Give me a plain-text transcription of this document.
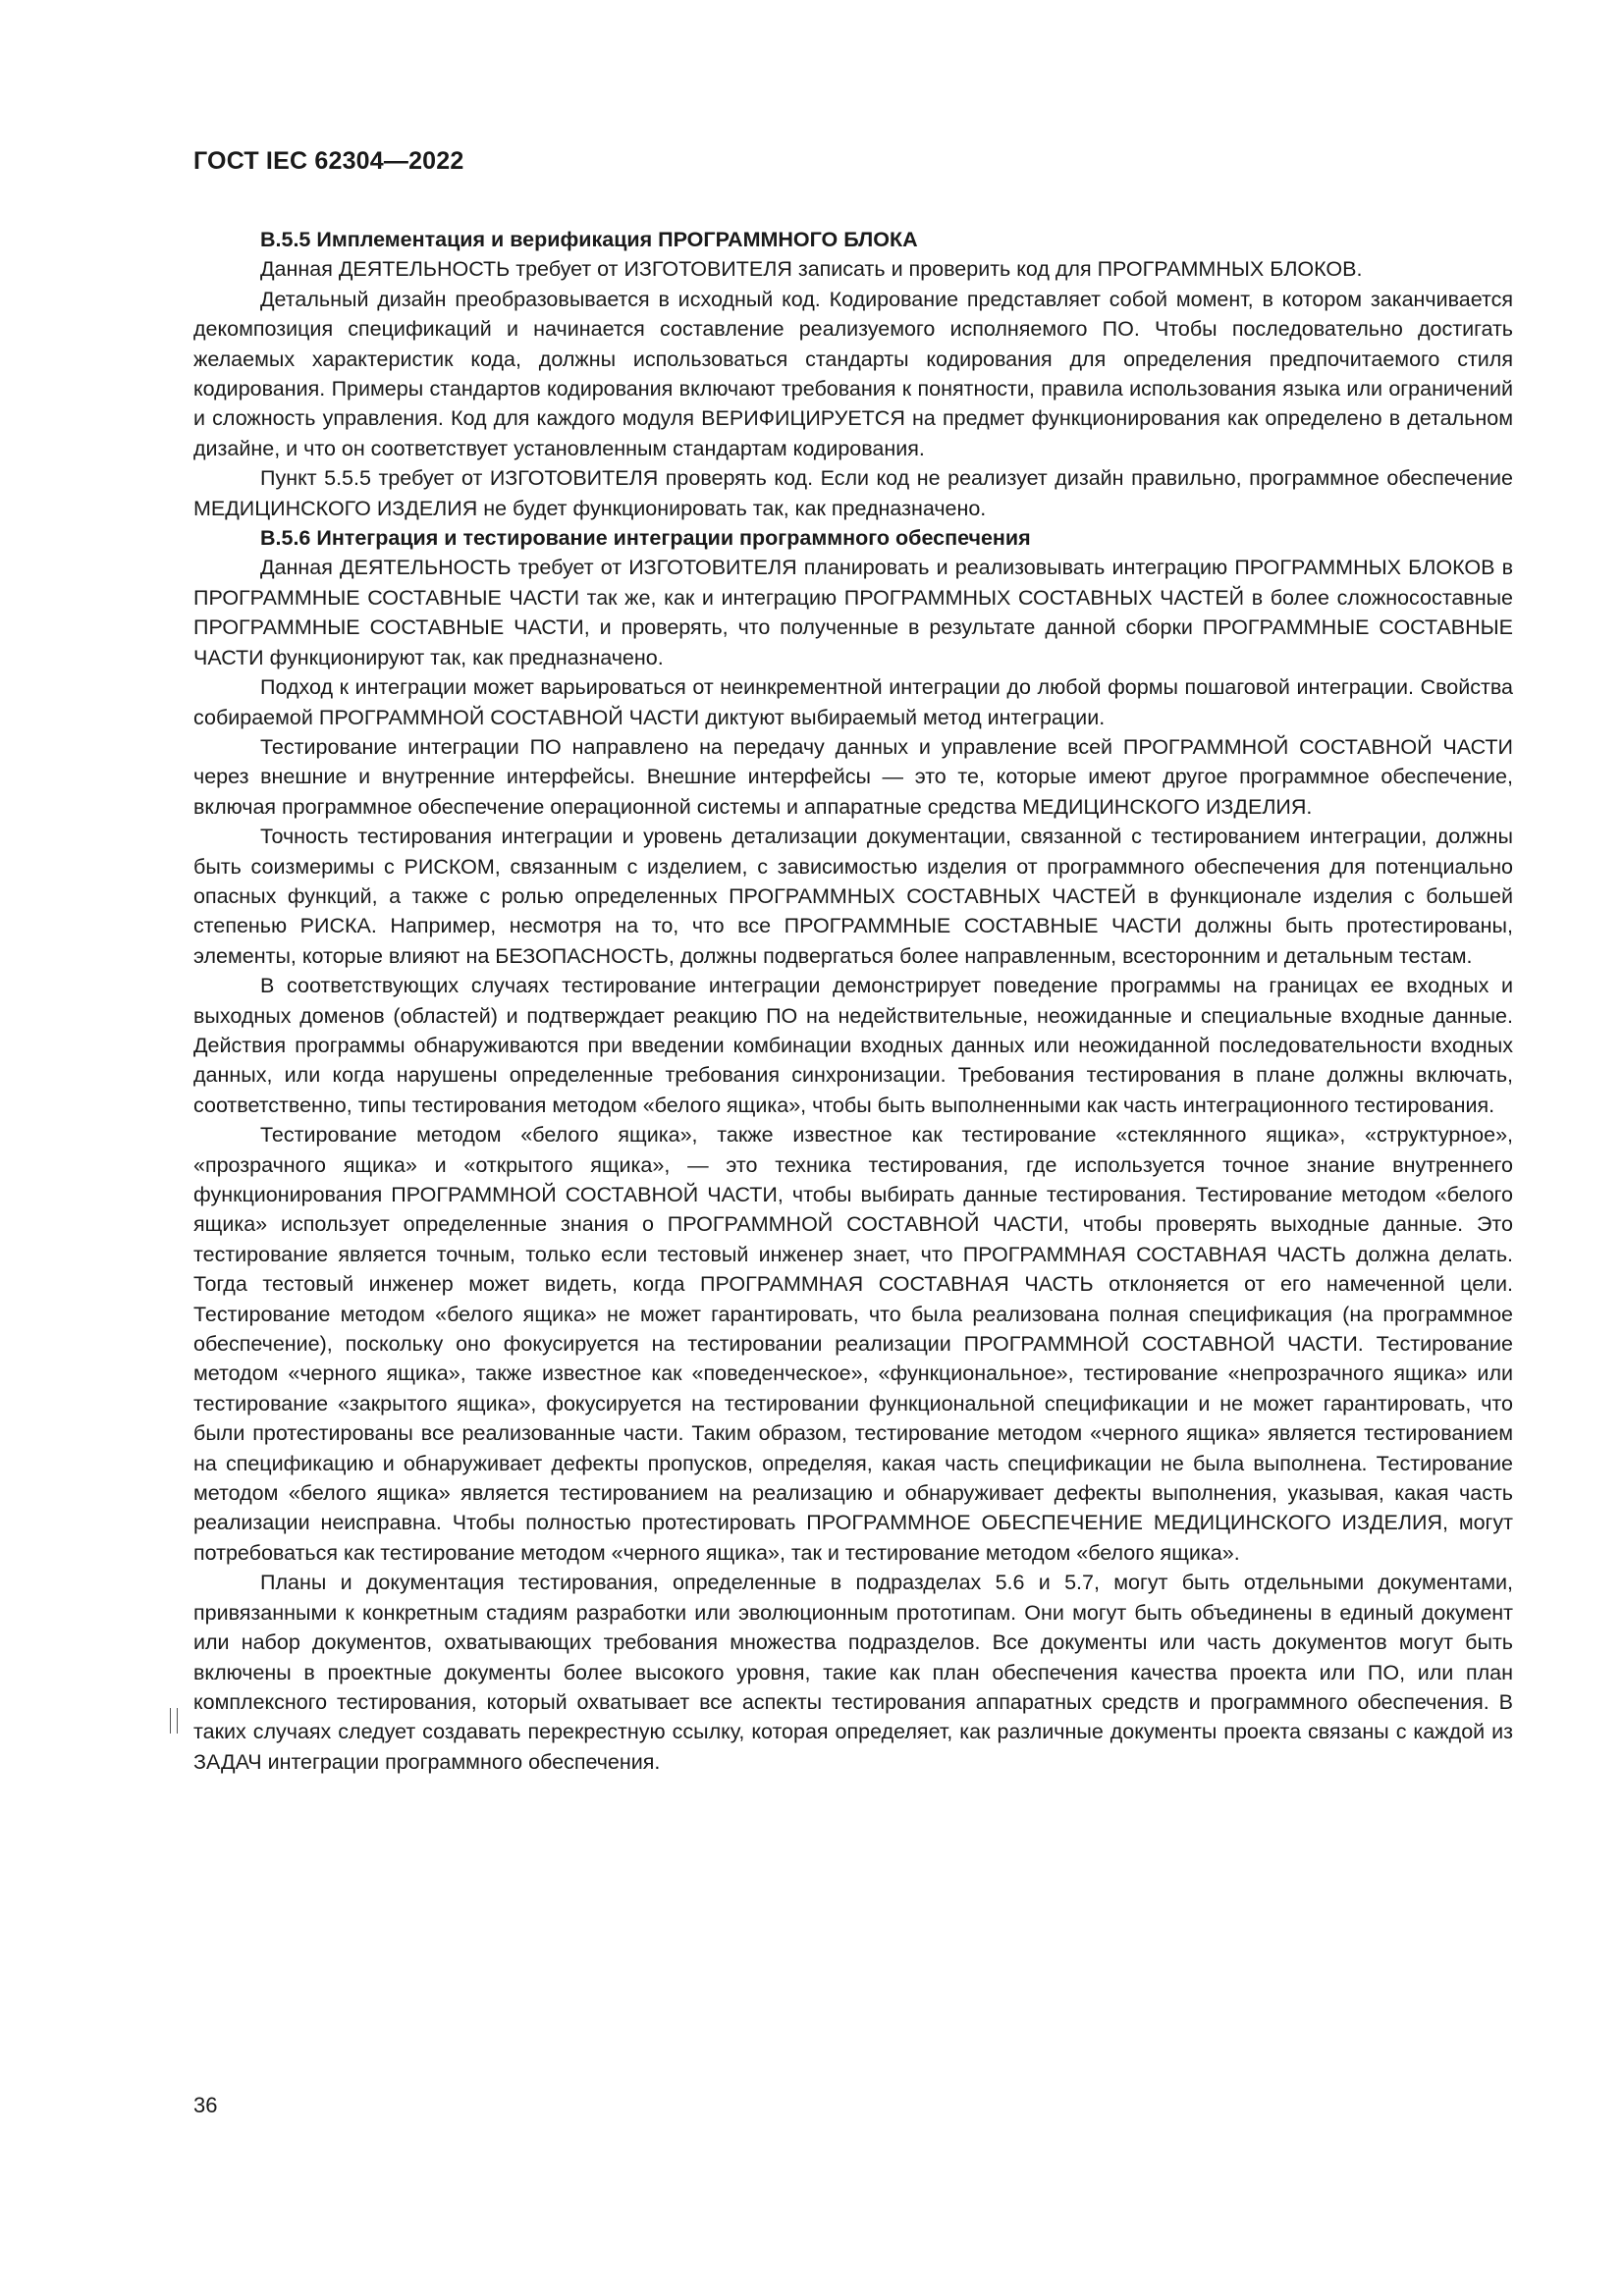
ГОСТ IEC 62304—2022

B.5.5 Имплементация и верификация ПРОГРАММНОГО БЛОКА

Данная ДЕЯТЕЛЬНОСТЬ требует от ИЗГОТОВИТЕЛЯ записать и проверить код для ПРОГРАММНЫХ БЛОКОВ.

Детальный дизайн преобразовывается в исходный код. Кодирование представляет собой момент, в котором заканчивается декомпозиция спецификаций и начинается составление реализуемого исполняемого ПО. Чтобы последовательно достигать желаемых характеристик кода, должны использоваться стандарты кодирования для определения предпочитаемого стиля кодирования. Примеры стандартов кодирования включают требования к понятности, правила использования языка или ограничений и сложность управления. Код для каждого модуля ВЕРИФИЦИРУЕТСЯ на предмет функционирования как определено в детальном дизайне, и что он соответствует установленным стандартам кодирования.

Пункт 5.5.5 требует от ИЗГОТОВИТЕЛЯ проверять код. Если код не реализует дизайн правильно, программное обеспечение МЕДИЦИНСКОГО ИЗДЕЛИЯ не будет функционировать так, как предназначено.

B.5.6 Интеграция и тестирование интеграции программного обеспечения

Данная ДЕЯТЕЛЬНОСТЬ требует от ИЗГОТОВИТЕЛЯ планировать и реализовывать интеграцию ПРОГРАММНЫХ БЛОКОВ в ПРОГРАММНЫЕ СОСТАВНЫЕ ЧАСТИ так же, как и интеграцию ПРОГРАММНЫХ СОСТАВНЫХ ЧАСТЕЙ в более сложносоставные ПРОГРАММНЫЕ СОСТАВНЫЕ ЧАСТИ, и проверять, что полученные в результате данной сборки ПРОГРАММНЫЕ СОСТАВНЫЕ ЧАСТИ функционируют так, как предназначено.

Подход к интеграции может варьироваться от неинкрементной интеграции до любой формы пошаговой интеграции. Свойства собираемой ПРОГРАММНОЙ СОСТАВНОЙ ЧАСТИ диктуют выбираемый метод интеграции.

Тестирование интеграции ПО направлено на передачу данных и управление всей ПРОГРАММНОЙ СОСТАВНОЙ ЧАСТИ через внешние и внутренние интерфейсы. Внешние интерфейсы — это те, которые имеют другое программное обеспечение, включая программное обеспечение операционной системы и аппаратные средства МЕДИЦИНСКОГО ИЗДЕЛИЯ.

Точность тестирования интеграции и уровень детализации документации, связанной с тестированием интеграции, должны быть соизмеримы с РИСКОМ, связанным с изделием, с зависимостью изделия от программного обеспечения для потенциально опасных функций, а также с ролью определенных ПРОГРАММНЫХ СОСТАВНЫХ ЧАСТЕЙ в функционале изделия с большей степенью РИСКА. Например, несмотря на то, что все ПРОГРАММНЫЕ СОСТАВНЫЕ ЧАСТИ должны быть протестированы, элементы, которые влияют на БЕЗОПАСНОСТЬ, должны подвергаться более направленным, всесторонним и детальным тестам.

В соответствующих случаях тестирование интеграции демонстрирует поведение программы на границах ее входных и выходных доменов (областей) и подтверждает реакцию ПО на недействительные, неожиданные и специальные входные данные. Действия программы обнаруживаются при введении комбинации входных данных или неожиданной последовательности входных данных, или когда нарушены определенные требования синхронизации. Требования тестирования в плане должны включать, соответственно, типы тестирования методом «белого ящика», чтобы быть выполненными как часть интеграционного тестирования.

Тестирование методом «белого ящика», также известное как тестирование «стеклянного ящика», «структурное», «прозрачного ящика» и «открытого ящика», — это техника тестирования, где используется точное знание внутреннего функционирования ПРОГРАММНОЙ СОСТАВНОЙ ЧАСТИ, чтобы выбирать данные тестирования. Тестирование методом «белого ящика» использует определенные знания о ПРОГРАММНОЙ СОСТАВНОЙ ЧАСТИ, чтобы проверять выходные данные. Это тестирование является точным, только если тестовый инженер знает, что ПРОГРАММНАЯ СОСТАВНАЯ ЧАСТЬ должна делать. Тогда тестовый инженер может видеть, когда ПРОГРАММНАЯ СОСТАВНАЯ ЧАСТЬ отклоняется от его намеченной цели. Тестирование методом «белого ящика» не может гарантировать, что была реализована полная спецификация (на программное обеспечение), поскольку оно фокусируется на тестировании реализации ПРОГРАММНОЙ СОСТАВНОЙ ЧАСТИ. Тестирование методом «черного ящика», также известное как «поведенческое», «функциональное», тестирование «непрозрачного ящика» или тестирование «закрытого ящика», фокусируется на тестировании функциональной спецификации и не может гарантировать, что были протестированы все реализованные части. Таким образом, тестирование методом «черного ящика» является тестированием на спецификацию и обнаруживает дефекты пропусков, определяя, какая часть спецификации не была выполнена. Тестирование методом «белого ящика» является тестированием на реализацию и обнаруживает дефекты выполнения, указывая, какая часть реализации неисправна. Чтобы полностью протестировать ПРОГРАММНОЕ ОБЕСПЕЧЕНИЕ МЕДИЦИНСКОГО ИЗДЕЛИЯ, могут потребоваться как тестирование методом «черного ящика», так и тестирование методом «белого ящика».

Планы и документация тестирования, определенные в подразделах 5.6 и 5.7, могут быть отдельными документами, привязанными к конкретным стадиям разработки или эволюционным прототипам. Они могут быть объединены в единый документ или набор документов, охватывающих требования множества подразделов. Все документы или часть документов могут быть включены в проектные документы более высокого уровня, такие как план обеспечения качества проекта или ПО, или план комплексного тестирования, который охватывает все аспекты тестирования аппаратных средств и программного обеспечения. В таких случаях следует создавать перекрестную ссылку, которая определяет, как различные документы проекта связаны с каждой из ЗАДАЧ интеграции программного обеспечения.

36
